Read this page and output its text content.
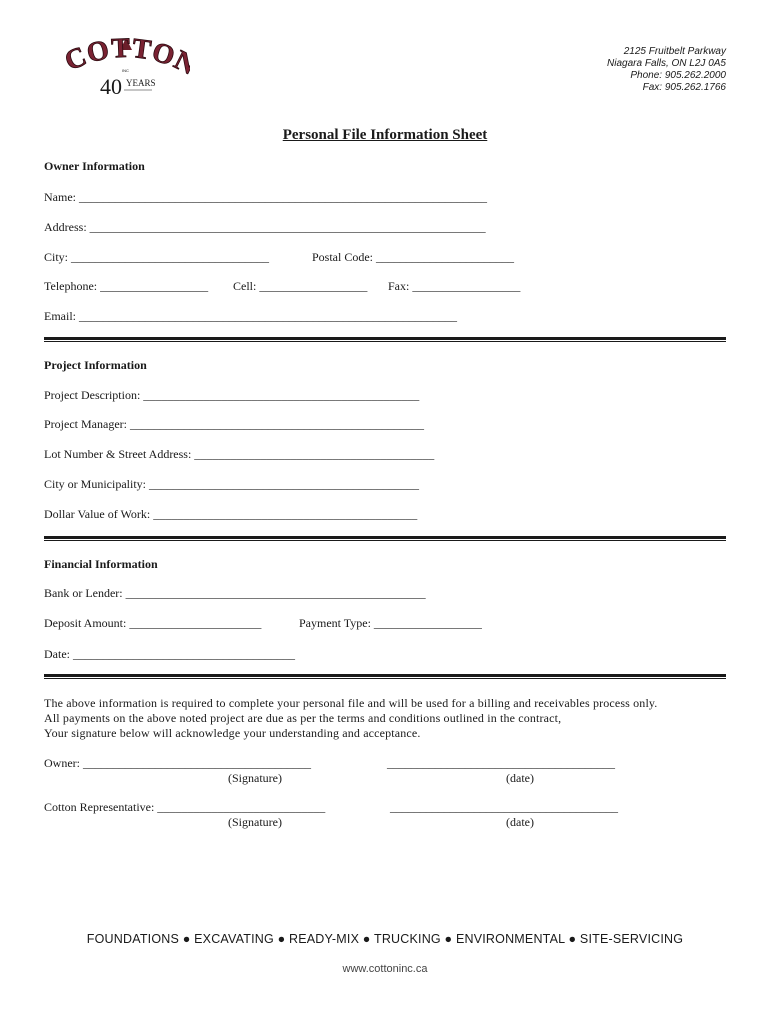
COTTO
40 YEARS
INC
2125 Fruitbelt Parkway
Niagara Falls, ON L2J 0A5
Phone: 905.262.2000
Fax: 905.262.1766
Personal File Information Sheet
Owner Information
Name: ____________________________________________________________________
Address: __________________________________________________________________
City: _________________________________	Postal Code: _______________________
Telephone: __________________ Cell: __________________ Fax: __________________
Email: _______________________________________________________________
Project Information
Project Description: ______________________________________________
Project Manager: _________________________________________________
Lot Number & Street Address: ________________________________________
City or Municipality: _____________________________________________
Dollar Value of Work: ____________________________________________
Financial Information
Bank or Lender: __________________________________________________
Deposit Amount: ______________________	Payment Type: __________________
Date: _____________________________________
The above information is required to complete your personal file and will be used for a billing and receivables process only.
All payments on the above noted project are due as per the terms and conditions outlined in the contract,
Your signature below will acknowledge your understanding and acceptance.
Owner: ______________________________________	______________________________________
(Signature)	(date)
Cotton Representative: ____________________________	______________________________________
(Signature)	(date)
FOUNDATIONS ● EXCAVATING ● READY-MIX ● TRUCKING ● ENVIRONMENTAL ● SITE-SERVICING
www.cottoninc.ca
